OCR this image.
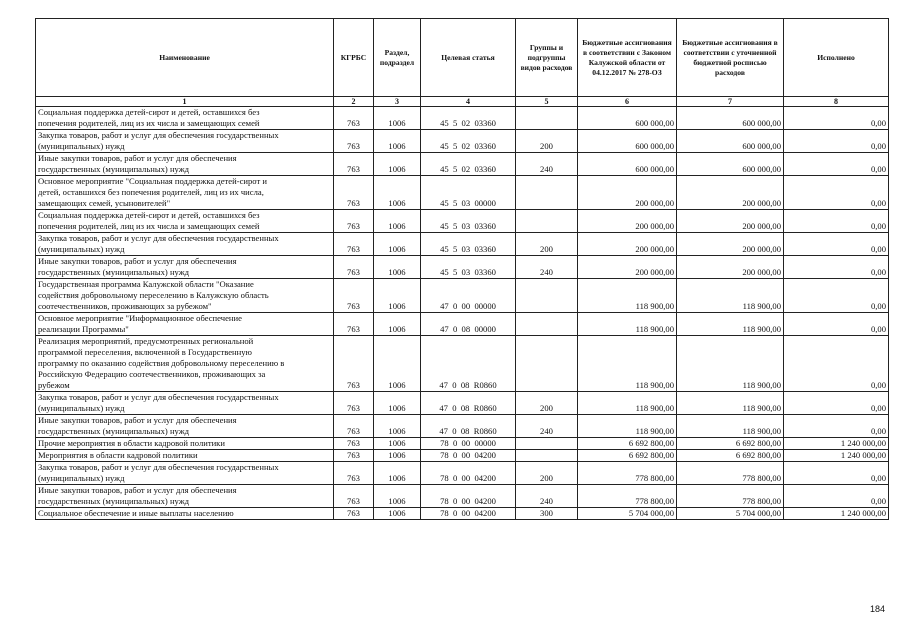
Наименование	КГРБС	Раздел, подраздел	Целевая статья	Группы и подгруппы видов расходов	Бюджетные ассигнования в соответствии с Законом Калужской области от 04.12.2017 № 278-ОЗ	Бюджетные ассигнования в соответствии с уточненной бюджетной росписью расходов	Исполнено
1	2	3	4	5	6	7	8
Социальная поддержка детей-сирот и детей, оставшихся без
попечения родителей, лиц из их числа и замещающих семей	763	1006	45  5  02  03360		600 000,00	600 000,00	0,00
Закупка товаров, работ и услуг для обеспечения государственных
(муниципальных) нужд	763	1006	45  5  02  03360	200	600 000,00	600 000,00	0,00
Иные закупки товаров, работ и услуг для обеспечения
государственных (муниципальных) нужд	763	1006	45  5  02  03360	240	600 000,00	600 000,00	0,00
Основное мероприятие "Социальная поддержка детей-сирот и
детей, оставшихся без попечения родителей, лиц из их числа,
замещающих семей, усыновителей"	763	1006	45  5  03  00000		200 000,00	200 000,00	0,00
Социальная поддержка детей-сирот и детей, оставшихся без
попечения родителей, лиц из их числа и замещающих семей	763	1006	45  5  03  03360		200 000,00	200 000,00	0,00
Закупка товаров, работ и услуг для обеспечения государственных
(муниципальных) нужд	763	1006	45  5  03  03360	200	200 000,00	200 000,00	0,00
Иные закупки товаров, работ и услуг для обеспечения
государственных (муниципальных) нужд	763	1006	45  5  03  03360	240	200 000,00	200 000,00	0,00
Государственная программа Калужской области "Оказание
содействия добровольному переселению в Калужскую область
соотечественников, проживающих за рубежом"	763	1006	47  0  00  00000		118 900,00	118 900,00	0,00
Основное мероприятие "Информационное обеспечение
реализации Программы"	763	1006	47  0  08  00000		118 900,00	118 900,00	0,00
Реализация мероприятий, предусмотренных региональной
программой переселения, включенной в Государственную
программу по оказанию содействия добровольному переселению в
Российскую Федерацию соотечественников, проживающих за
рубежом	763	1006	47  0  08  R0860		118 900,00	118 900,00	0,00
Закупка товаров, работ и услуг для обеспечения государственных
(муниципальных) нужд	763	1006	47  0  08  R0860	200	118 900,00	118 900,00	0,00
Иные закупки товаров, работ и услуг для обеспечения
государственных (муниципальных) нужд	763	1006	47  0  08  R0860	240	118 900,00	118 900,00	0,00
Прочие мероприятия в области кадровой политики	763	1006	78  0  00  00000		6 692 800,00	6 692 800,00	1 240 000,00
Мероприятия в области кадровой политики	763	1006	78  0  00  04200		6 692 800,00	6 692 800,00	1 240 000,00
Закупка товаров, работ и услуг для обеспечения государственных
(муниципальных) нужд	763	1006	78  0  00  04200	200	778 800,00	778 800,00	0,00
Иные закупки товаров, работ и услуг для обеспечения
государственных (муниципальных) нужд	763	1006	78  0  00  04200	240	778 800,00	778 800,00	0,00
Социальное обеспечение и иные выплаты населению	763	1006	78  0  00  04200	300	5 704 000,00	5 704 000,00	1 240 000,00
184
